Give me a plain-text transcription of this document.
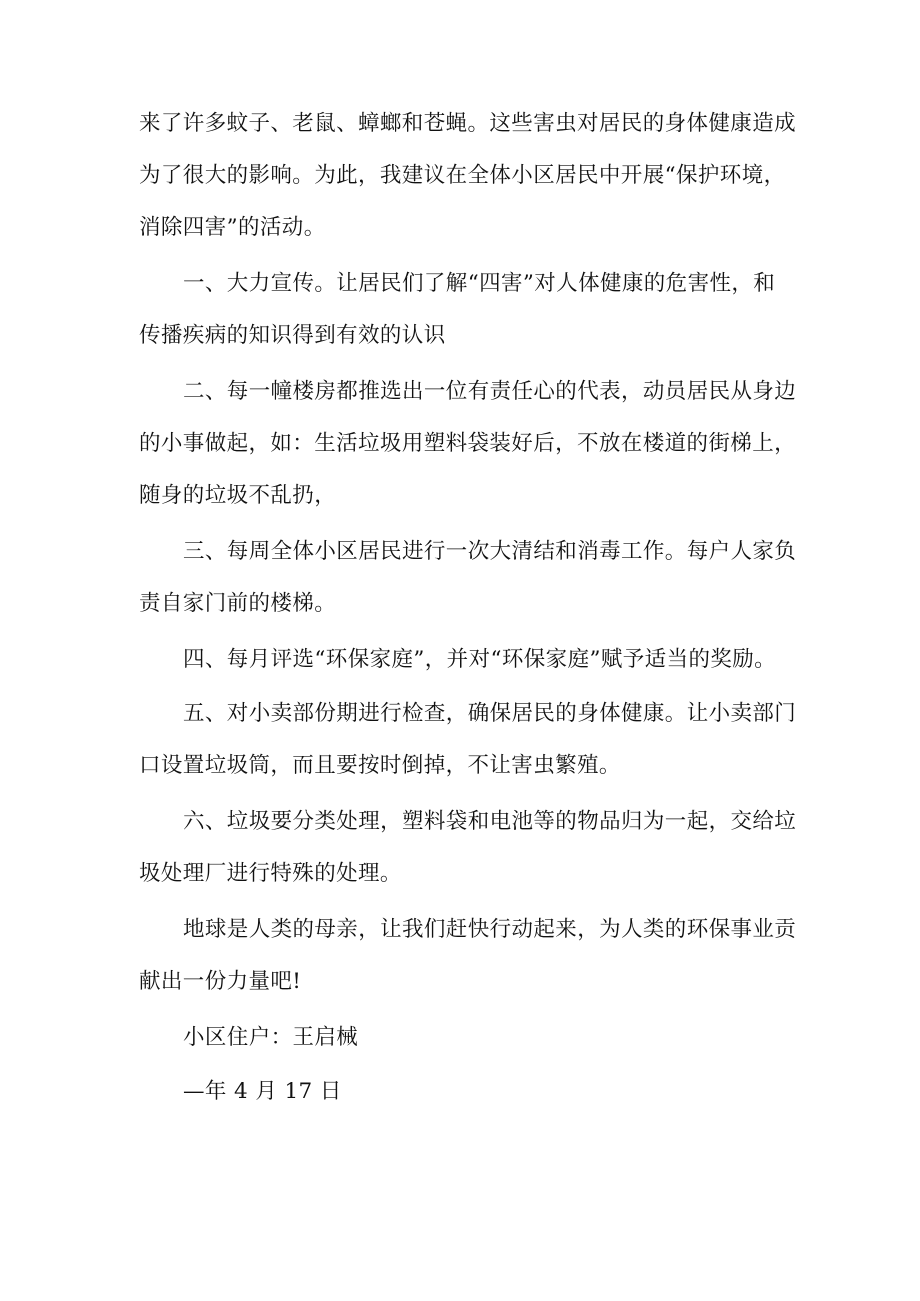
来了许多蚊子、老鼠、蟑螂和苍蝇。这些害虫对居民的身体健康造成
为了很大的影响。为此，我建议在全体小区居民中开展“保护环境，
消除四害”的活动。

一、大力宣传。让居民们了解“四害”对人体健康的危害性，和
传播疾病的知识得到有效的认识

二、每一幢楼房都推选出一位有责任心的代表，动员居民从身边
的小事做起，如：生活垃圾用塑料袋装好后，不放在楼道的街梯上，
随身的垃圾不乱扔，

三、每周全体小区居民进行一次大清结和消毒工作。每户人家负
责自家门前的楼梯。

四、每月评选“环保家庭”，并对“环保家庭”赋予适当的奖励。

五、对小卖部份期进行检查，确保居民的身体健康。让小卖部门
口设置垃圾筒，而且要按时倒掉，不让害虫繁殖。

六、垃圾要分类处理，塑料袋和电池等的物品归为一起，交给垃
圾处理厂进行特殊的处理。

地球是人类的母亲，让我们赶快行动起来，为人类的环保事业贡
献出一份力量吧!

小区住户：王启械

—年 4 月 17 日
